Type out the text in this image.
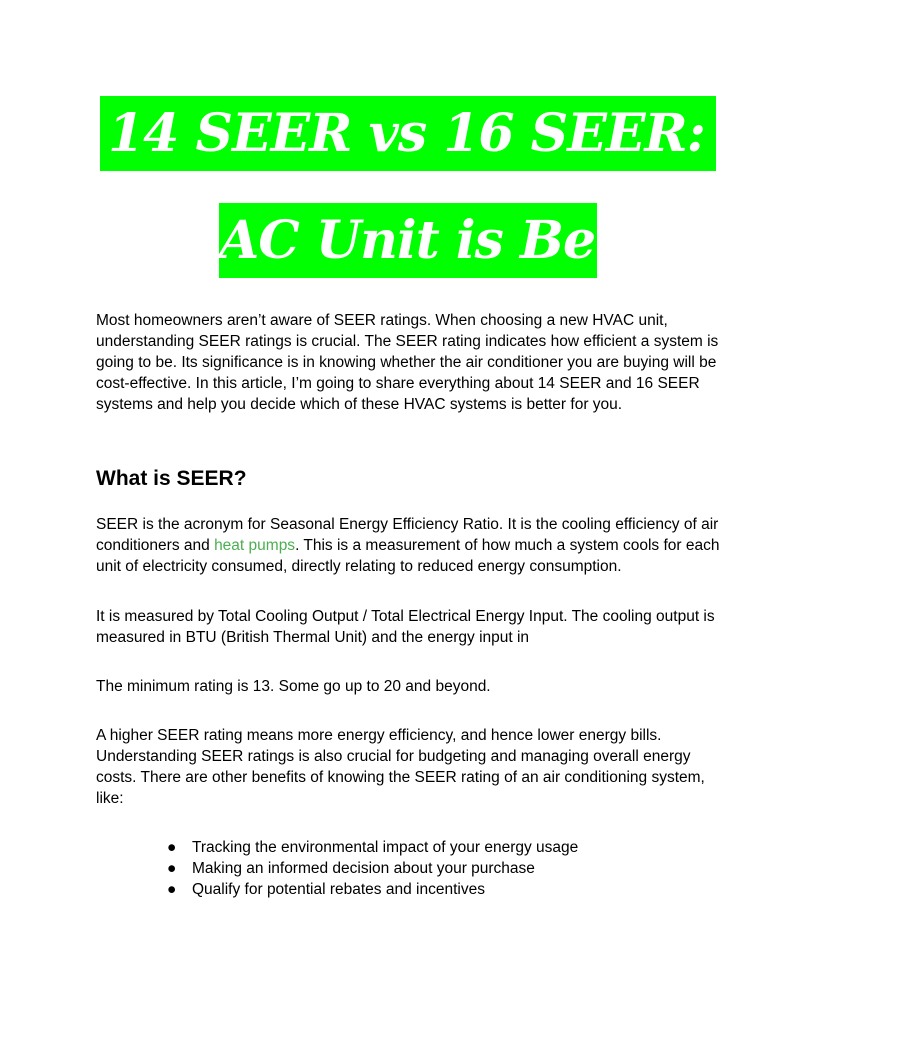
14 SEER vs 16 SEER: Which
AC Unit is Better?

Most homeowners aren’t aware of SEER ratings. When choosing a new HVAC unit, understanding SEER ratings is crucial. The SEER rating indicates how efficient a system is going to be. Its significance is in knowing whether the air conditioner you are buying will be cost-effective. In this article, I’m going to share everything about 14 SEER and 16 SEER systems and help you decide which of these HVAC systems is better for you.

What is SEER?

SEER is the acronym for Seasonal Energy Efficiency Ratio. It is the cooling efficiency of air conditioners and heat pumps. This is a measurement of how much a system cools for each unit of electricity consumed, directly relating to reduced energy consumption.

It is measured by Total Cooling Output / Total Electrical Energy Input. The cooling output is measured in BTU (British Thermal Unit) and the energy input in

The minimum rating is 13. Some go up to 20 and beyond.

A higher SEER rating means more energy efficiency, and hence lower energy bills. Understanding SEER ratings is also crucial for budgeting and managing overall energy costs. There are other benefits of knowing the SEER rating of an air conditioning system, like:

● Tracking the environmental impact of your energy usage
● Making an informed decision about your purchase
● Qualify for potential rebates and incentives
